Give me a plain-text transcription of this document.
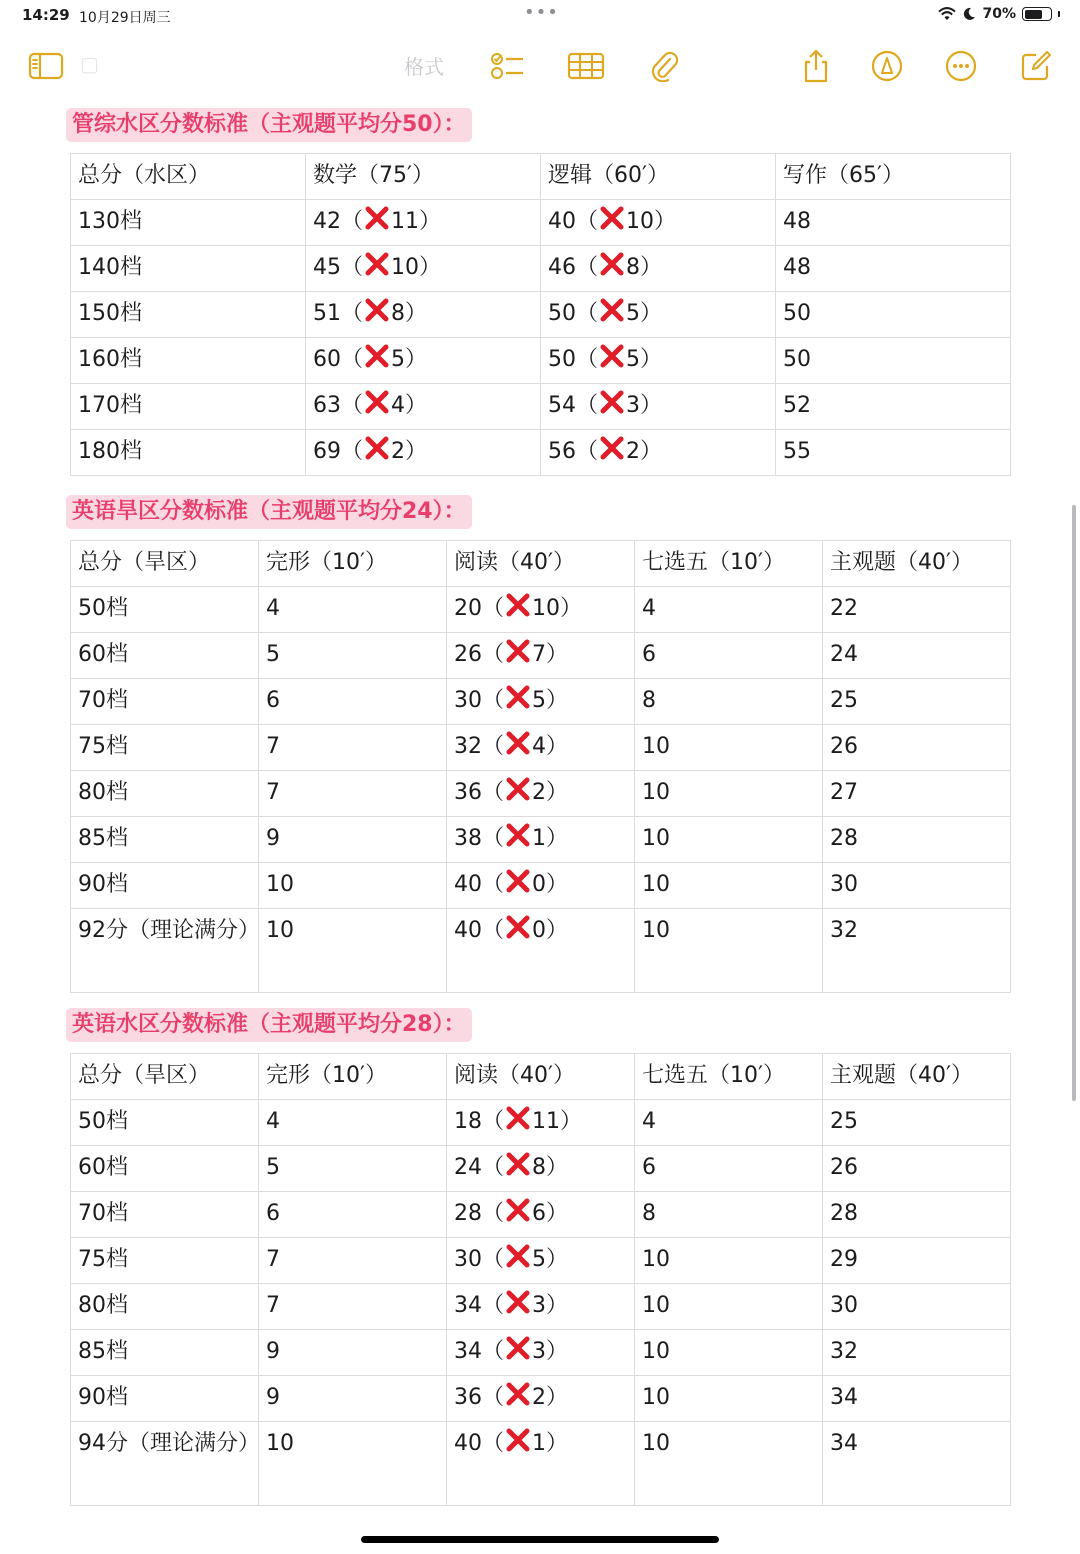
14:29 10月29日周三	•••	70%
▢	格式
管综水区分数标准（主观题平均分50）：
总分（水区）	数学（75′）	逻辑（60′）	写作（65′）
130档	42（ 11）	40（ 10）	48
140档	45（ 10）	46（ 8）	48
150档	51（ 8）	50（ 5）	50
160档	60（ 5）	50（ 5）	50
170档	63（ 4）	54（ 3）	52
180档	69（ 2）	56（ 2）	55
英语旱区分数标准（主观题平均分24）：
总分（旱区）	完形（10′）	阅读（40′）	七选五（10′）	主观题（40′）
50档	4	20（ 10）	4	22
60档	5	26（ 7）	6	24
70档	6	30（ 5）	8	25
75档	7	32（ 4）	10	26
80档	7	36（ 2）	10	27
85档	9	38（ 1）	10	28
90档	10	40（ 0）	10	30
92分（理论满分）	10	40（ 0）	10	32
英语水区分数标准（主观题平均分28）：
总分（旱区）	完形（10′）	阅读（40′）	七选五（10′）	主观题（40′）
50档	4	18（ 11）	4	25
60档	5	24（ 8）	6	26
70档	6	28（ 6）	8	28
75档	7	30（ 5）	10	29
80档	7	34（ 3）	10	30
85档	9	34（ 3）	10	32
90档	9	36（ 2）	10	34
94分（理论满分）	10	40（ 1）	10	34
